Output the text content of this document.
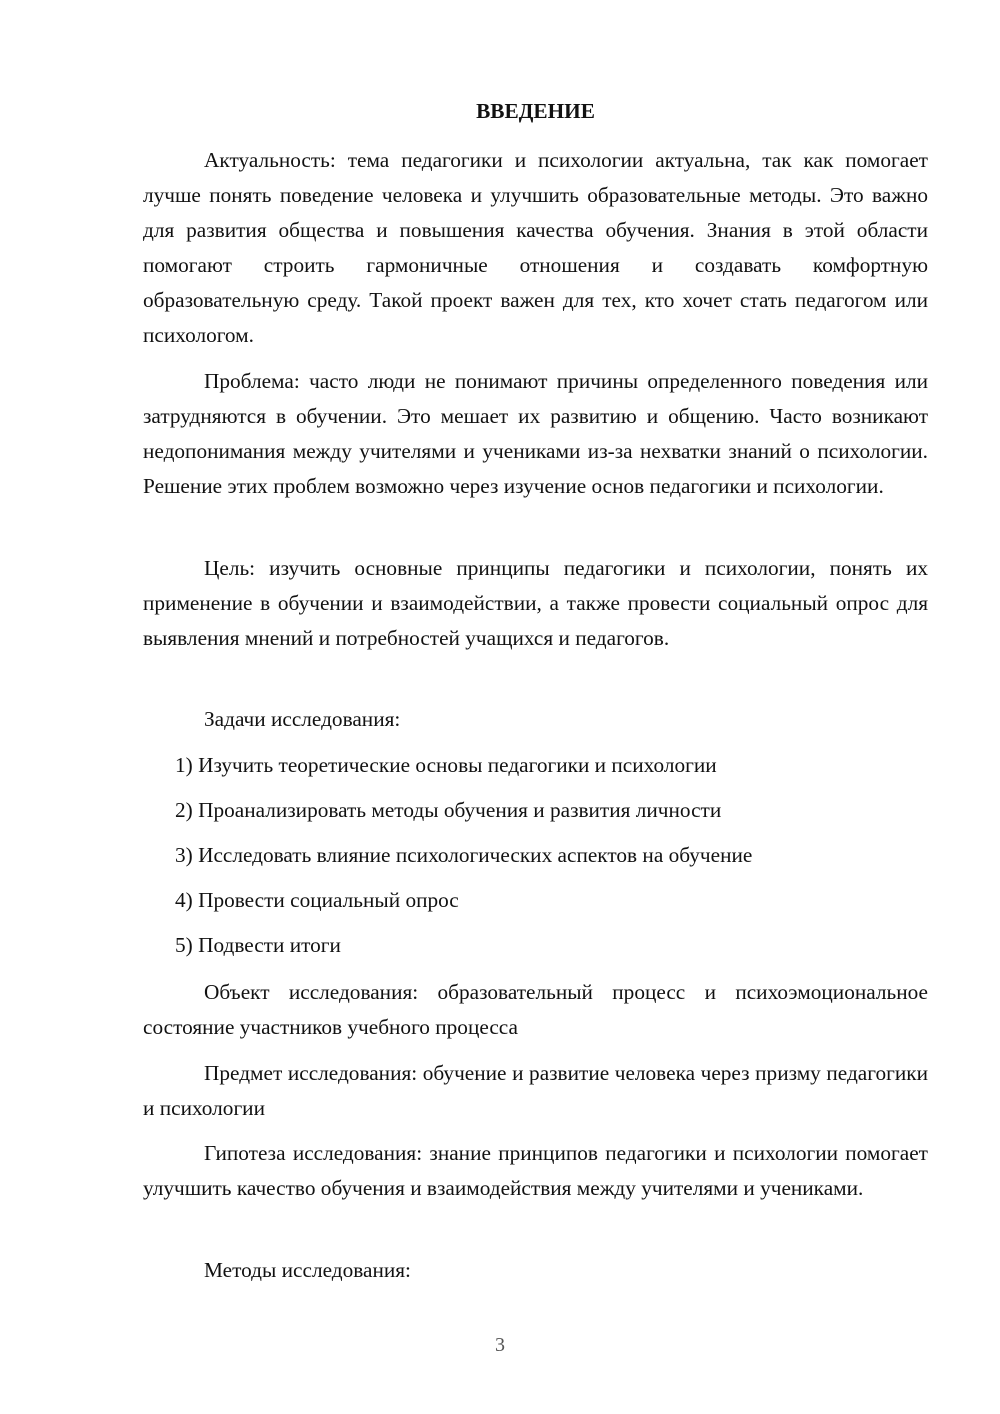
ВВЕДЕНИЕ

Актуальность: тема педагогики и психологии актуальна, так как помогает лучше понять поведение человека и улучшить образовательные методы. Это важно для развития общества и повышения качества обучения. Знания в этой области помогают строить гармоничные отношения и создавать комфортную образовательную среду. Такой проект важен для тех, кто хочет стать педагогом или психологом.

Проблема: часто люди не понимают причины определенного поведения или затрудняются в обучении. Это мешает их развитию и общению. Часто возникают недопонимания между учителями и учениками из-за нехватки знаний о психологии. Решение этих проблем возможно через изучение основ педагогики и психологии.

Цель: изучить основные принципы педагогики и психологии, понять их применение в обучении и взаимодействии, а также провести социальный опрос для выявления мнений и потребностей учащихся и педагогов.

Задачи исследования:

1) Изучить теоретические основы педагогики и психологии

2) Проанализировать методы обучения и развития личности

3) Исследовать влияние психологических аспектов на обучение

4) Провести социальный опрос

5) Подвести итоги

Объект исследования: образовательный процесс и психоэмоциональное состояние участников учебного процесса

Предмет исследования: обучение и развитие человека через призму педагогики и психологии

Гипотеза исследования: знание принципов педагогики и психологии помогает улучшить качество обучения и взаимодействия между учителями и учениками.

Методы исследования:

3
